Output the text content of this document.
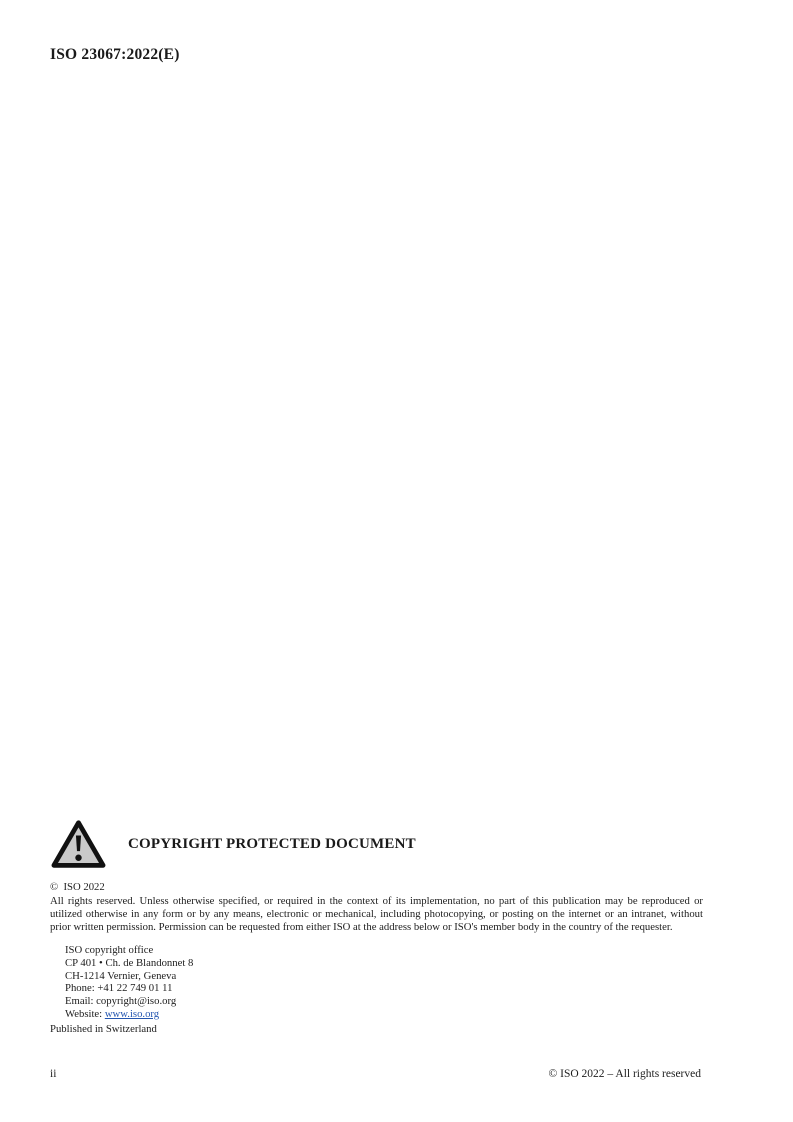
ISO 23067:2022(E)
COPYRIGHT PROTECTED DOCUMENT
© ISO 2022

All rights reserved. Unless otherwise specified, or required in the context of its implementation, no part of this publication may be reproduced or utilized otherwise in any form or by any means, electronic or mechanical, including photocopying, or posting on the internet or an intranet, without prior written permission. Permission can be requested from either ISO at the address below or ISO's member body in the country of the requester.

ISO copyright office
CP 401 • Ch. de Blandonnet 8
CH-1214 Vernier, Geneva
Phone: +41 22 749 01 11
Email: copyright@iso.org
Website: www.iso.org
Published in Switzerland
ii	© ISO 2022 – All rights reserved
